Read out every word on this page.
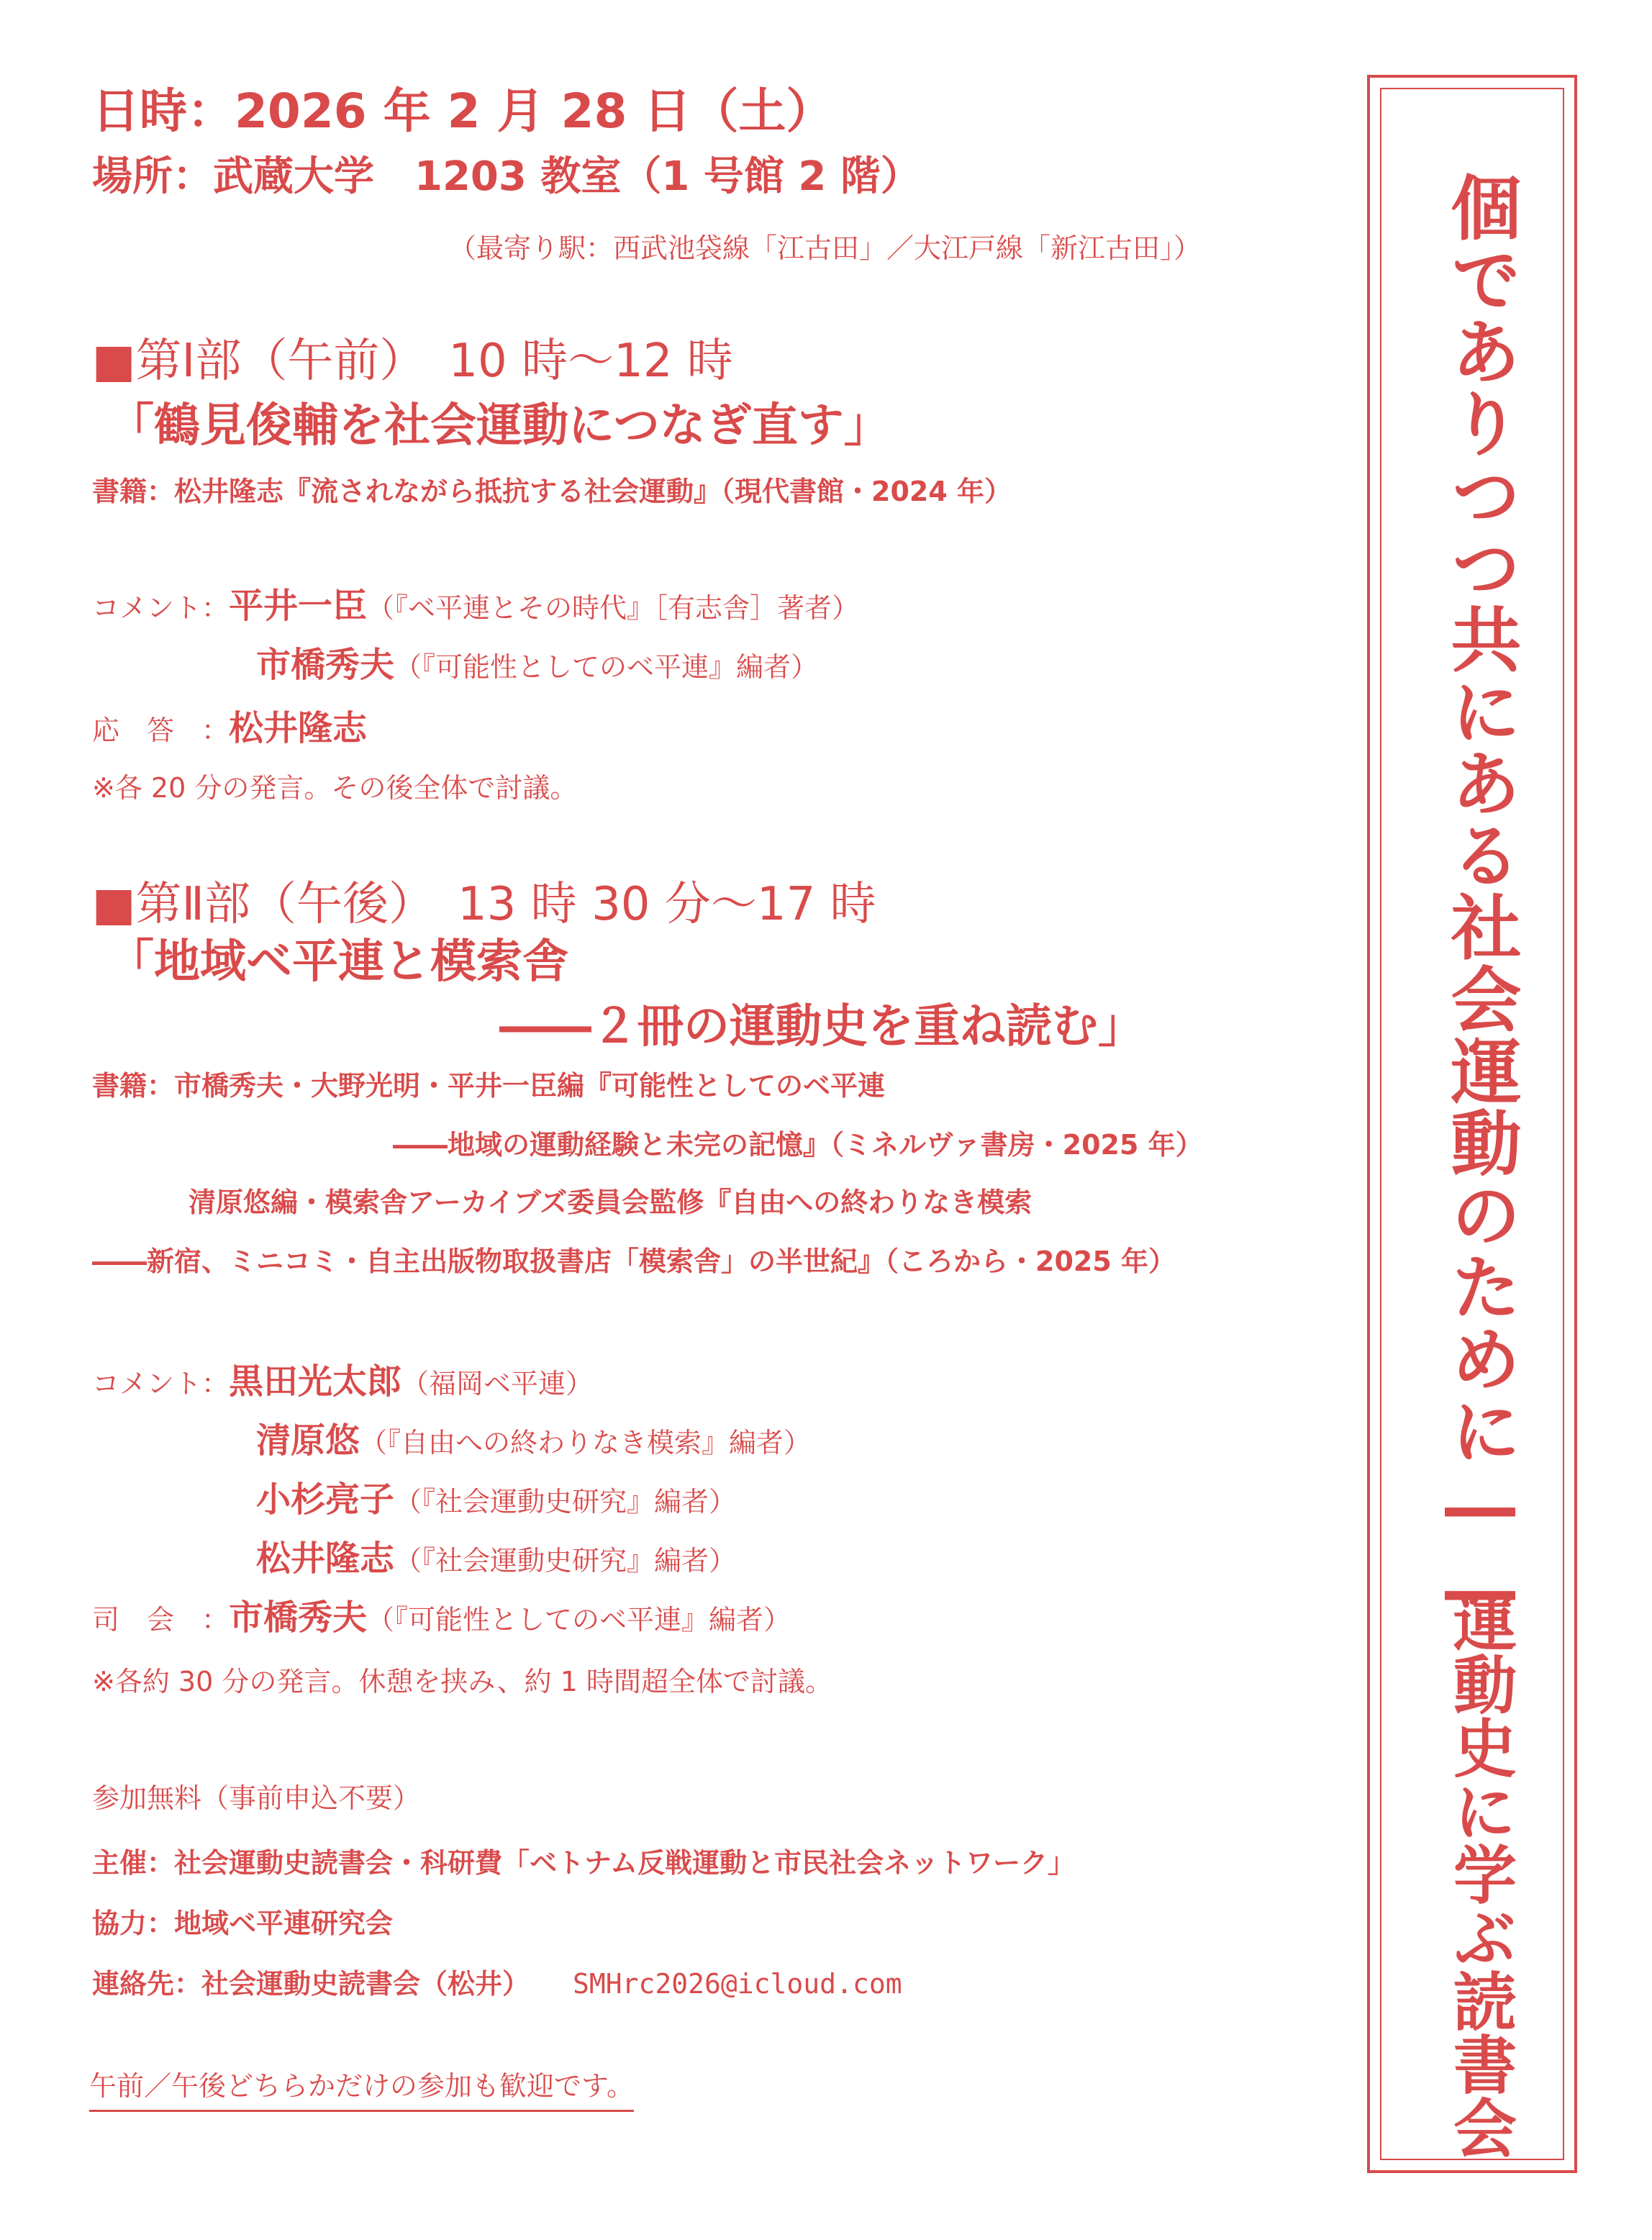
日時：2026 年 2 月 28 日（土）
場所：武蔵大学　1203 教室（1 号館 2 階）
（最寄り駅：西武池袋線「江古田」／大江戸線「新江古田」）
■第Ⅰ部（午前）　10 時～12 時
「鶴見俊輔を社会運動につなぎ直す」
書籍：松井隆志『流されながら抵抗する社会運動』（現代書館・2024 年）
コメント：平井一臣（『ベ平連とその時代』［有志舎］著者）
市橋秀夫（『可能性としてのベ平連』編者）
応　答　：松井隆志
※各 20 分の発言。その後全体で討議。
■第Ⅱ部（午後）　13 時 30 分～17 時
「地域ベ平連と模索舎
――２冊の運動史を重ね読む」
書籍：市橋秀夫・大野光明・平井一臣編『可能性としてのベ平連
――地域の運動経験と未完の記憶』（ミネルヴァ書房・2025 年）
清原悠編・模索舎アーカイブズ委員会監修『自由への終わりなき模索
――新宿、ミニコミ・自主出版物取扱書店「模索舎」の半世紀』（ころから・2025 年）
コメント：黒田光太郎（福岡ベ平連）
清原悠（『自由への終わりなき模索』編者）
小杉亮子（『社会運動史研究』編者）
松井隆志（『社会運動史研究』編者）
司　会　：市橋秀夫（『可能性としてのベ平連』編者）
※各約 30 分の発言。休憩を挟み、約 1 時間超全体で討議。
参加無料（事前申込不要）
主催：社会運動史読書会・科研費「ベトナム反戦運動と市民社会ネットワーク」
協力：地域ベ平連研究会
連絡先：社会運動史読書会（松井） SMHrc2026@icloud.com
午前／午後どちらかだけの参加も歓迎です。
個でありつつ共にある社会運動のために――
運動史に学ぶ読書会
